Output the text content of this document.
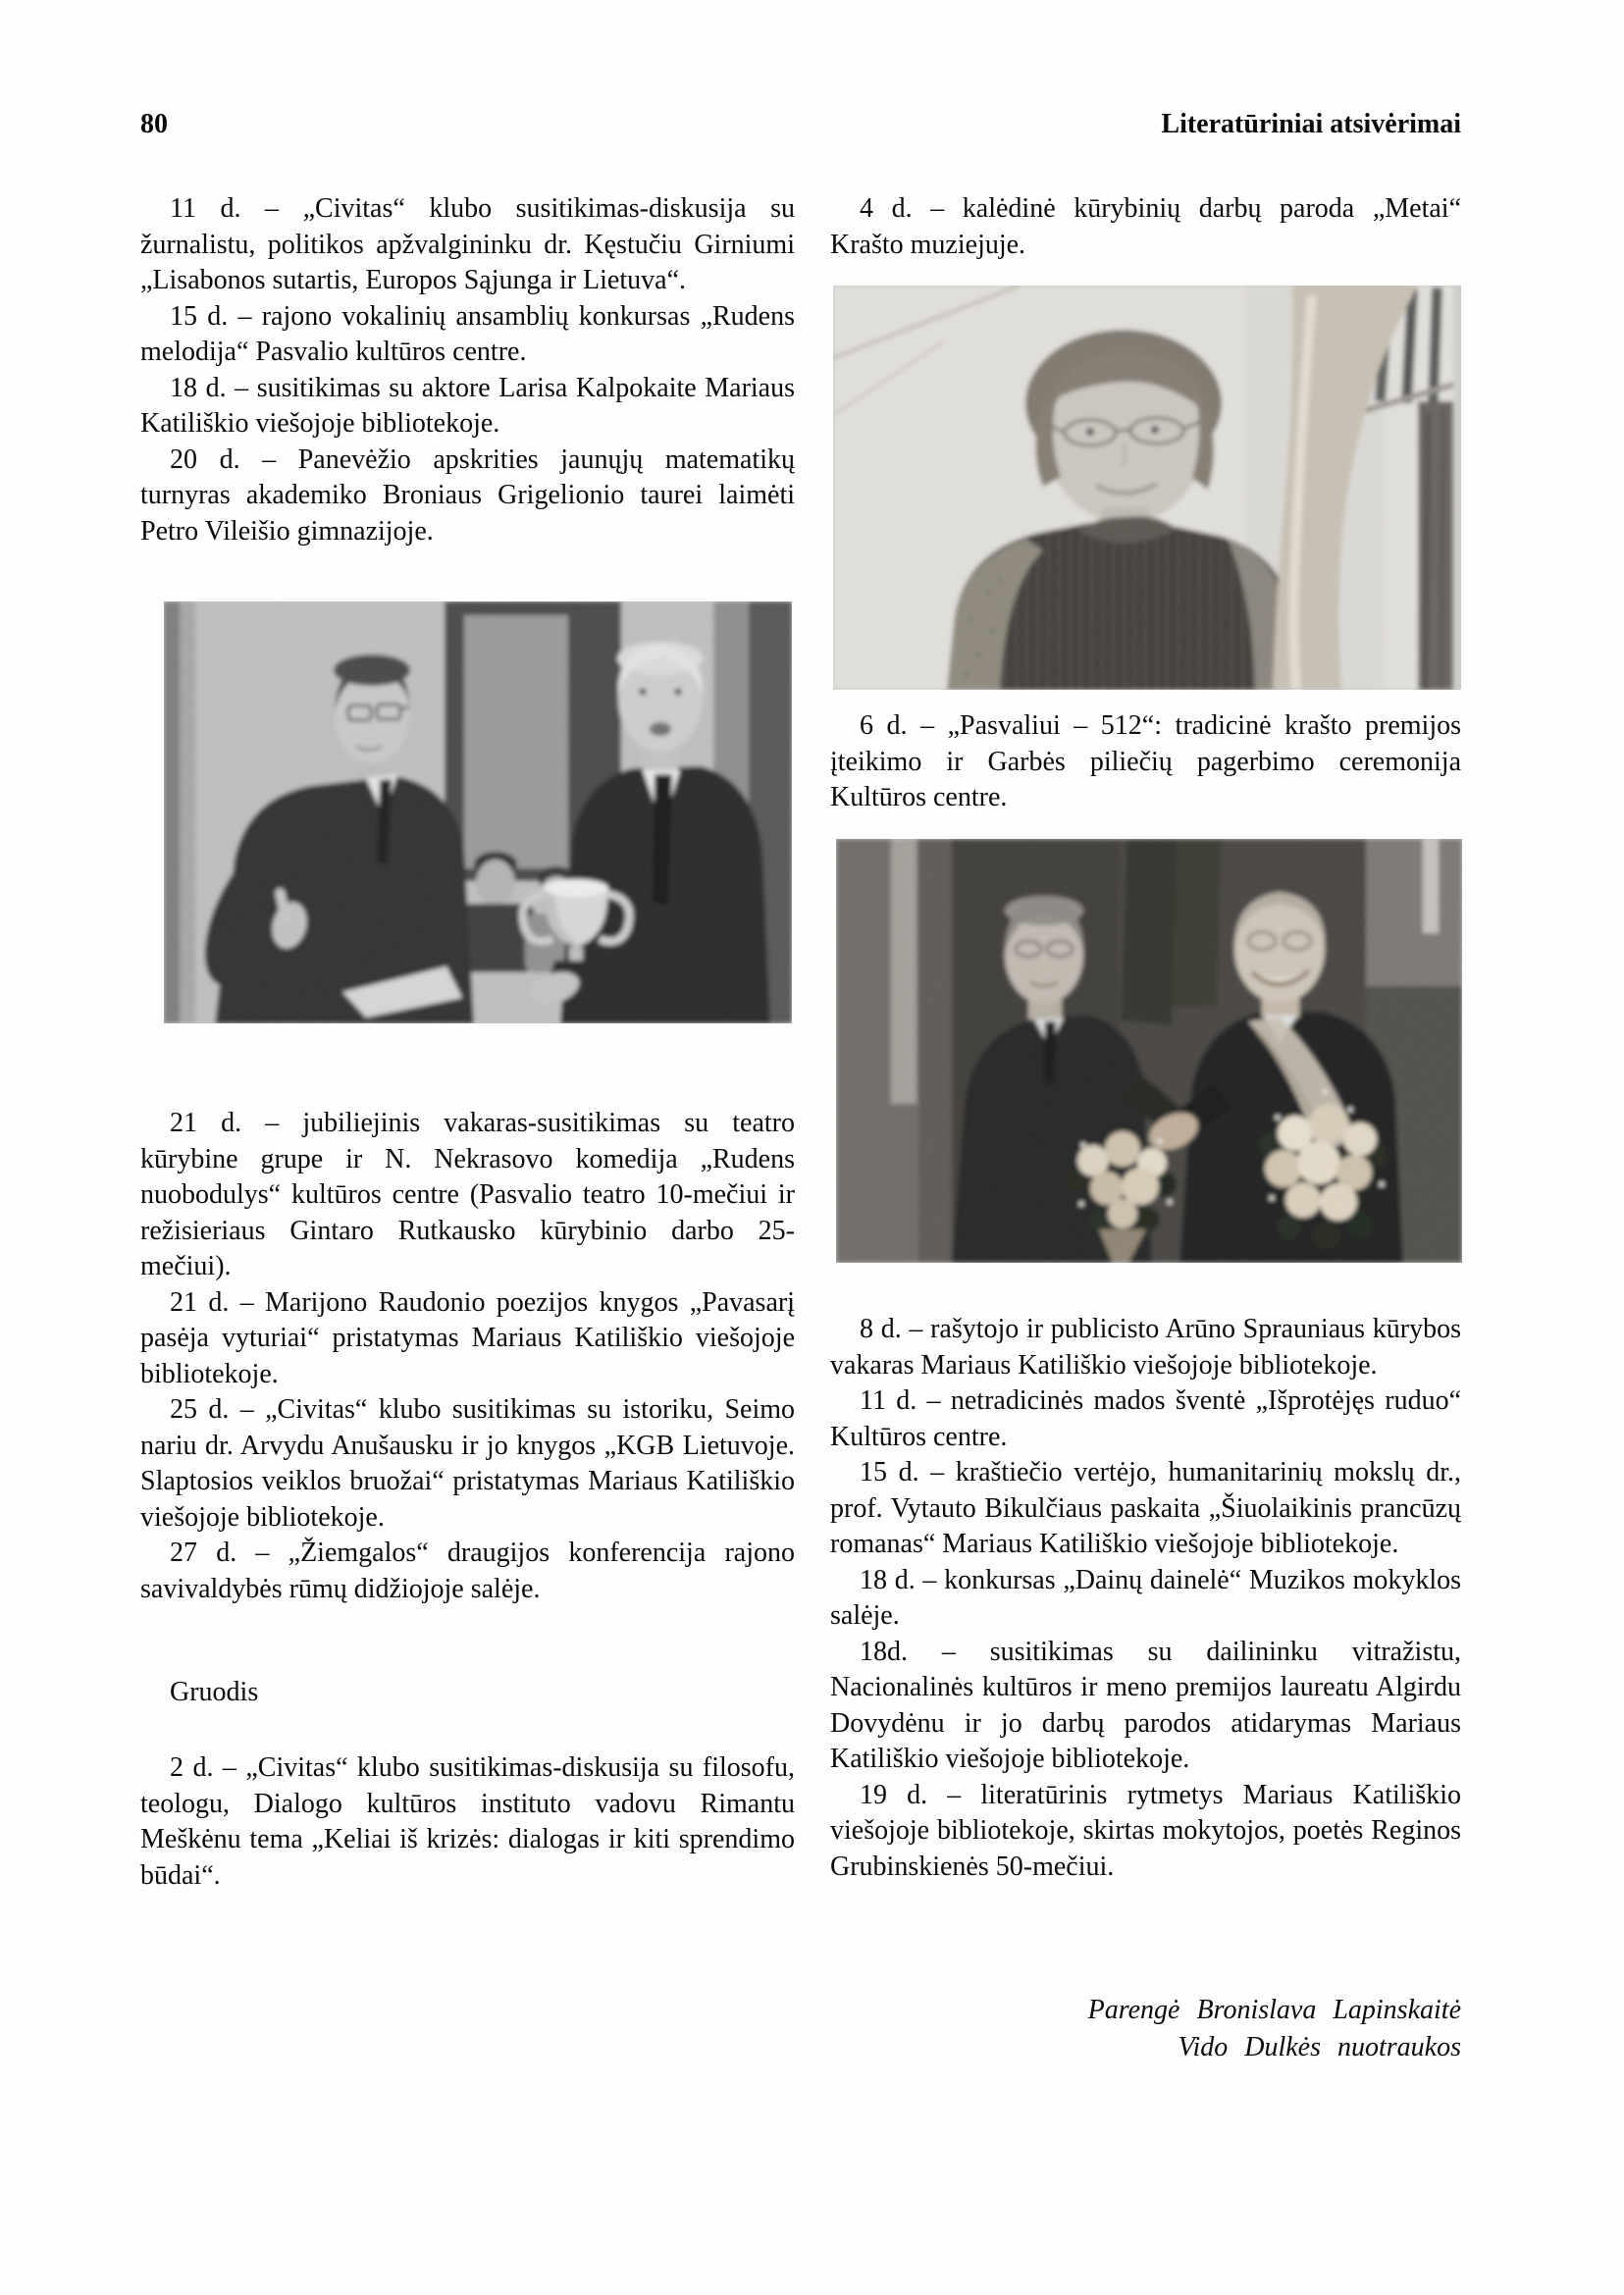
80	Literatūriniai atsivėrimai

11 d. – „Civitas“ klubo susitikimas-diskusija su žurnalistu, politikos apžvalgininku dr. Kęstučiu Girniumi „Lisabonos sutartis, Europos Sąjunga ir Lietuva“.

15 d. – rajono vokalinių ansamblių konkursas „Rudens melodija“ Pasvalio kultūros centre.

18 d. – susitikimas su aktore Larisa Kalpokaite Mariaus Katiliškio viešojoje bibliotekoje.

20 d. – Panevėžio apskrities jaunųjų matematikų turnyras akademiko Broniaus Grigelionio taurei laimėti Petro Vileišio gimnazijoje.

21 d. – jubiliejinis vakaras-susitikimas su teatro kūrybine grupe ir N. Nekrasovo komedija „Rudens nuobodulys“ kultūros centre (Pasvalio teatro 10-mečiui ir režisieriaus Gintaro Rutkausko kūrybinio darbo 25-mečiui).

21 d. – Marijono Raudonio poezijos knygos „Pavasarį pasėja vyturiai“ pristatymas Mariaus Katiliškio viešojoje bibliotekoje.

25 d. – „Civitas“ klubo susitikimas su istoriku, Seimo nariu dr. Arvydu Anušausku ir jo knygos „KGB Lietuvoje. Slaptosios veiklos bruožai“ pristatymas Mariaus Katiliškio viešojoje bibliotekoje.

27 d. – „Žiemgalos“ draugijos konferencija rajono savivaldybės rūmų didžiojoje salėje.

Gruodis

2 d. – „Civitas“ klubo susitikimas-diskusija su filosofu, teologu, Dialogo kultūros instituto vadovu Rimantu Meškėnu tema „Keliai iš krizės: dialogas ir kiti sprendimo būdai“.

4 d. – kalėdinė kūrybinių darbų paroda „Metai“ Krašto muziejuje.

6 d. – „Pasvaliui – 512“: tradicinė krašto premijos įteikimo ir Garbės piliečių pagerbimo ceremonija Kultūros centre.

8 d. – rašytojo ir publicisto Arūno Sprauniaus kūrybos vakaras Mariaus Katiliškio viešojoje bibliotekoje.

11 d. – netradicinės mados šventė „Išprotėjęs ruduo“ Kultūros centre.

15 d. – kraštiečio vertėjo, humanitarinių mokslų dr., prof. Vytauto Bikulčiaus paskaita „Šiuolaikinis prancūzų romanas“ Mariaus Katiliškio viešojoje bibliotekoje.

18 d. – konkursas „Dainų dainelė“ Muzikos mokyklos salėje.

18d. – susitikimas su dailininku vitražistu, Nacionalinės kultūros ir meno premijos laureatu Algirdu Dovydėnu ir jo darbų parodos atidarymas Mariaus Katiliškio viešojoje bibliotekoje.

19 d. – literatūrinis rytmetys Mariaus Katiliškio viešojoje bibliotekoje, skirtas mokytojos, poetės Reginos Grubinskienės 50-mečiui.

Parengė Bronislava Lapinskaitė
Vido Dulkės nuotraukos
